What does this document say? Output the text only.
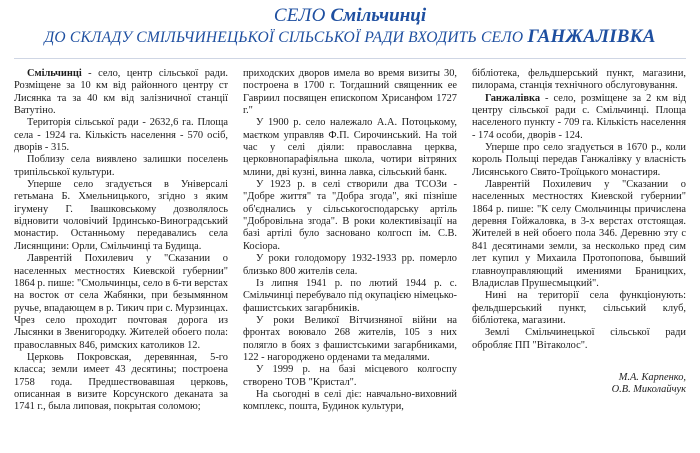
СЕЛО Смільчинці
ДО СКЛАДУ СМІЛЬЧИНЕЦЬКОЇ СІЛЬСЬКОЇ РАДИ ВХОДИТЬ СЕЛО ГАНЖАЛІВКА

Смільчинці - село, центр сільської ради. Розміщене за 10 км від районного центру ст Лисянка та за 40 км від залізничної станції Ватутіно.

Територія сільської ради - 2632,6 га. Площа села - 1924 га. Кількість населення - 570 осіб, дворів - 315.

Поблизу села виявлено залишки поселень трипільської культури.

Уперше село згадується в Універсалі гетьмана Б. Хмельницького, згідно з яким ігумену Г. Івашковському дозволялось відновити чоловічий Ірдинсько-Виноградський монастир. Останньому передавались села Лисянщини: Орли, Смільчинці та Будища.

Лаврентій Похилевич у "Сказании о населенных местностях Киевской губернии" 1864 р. пише: "Смольчинцы, село в 6-ти верстах на восток от села Жабянки, при безымянном ручье, впадающем в р. Тикич при с. Мурзинцах. Чрез село проходит почтовая дорога из Лысянки в Звенигородку. Жителей обоего пола: православных 846, римских католиков 12.

Церковь Покровская, деревянная, 5-го класса; земли имеет 43 десятины; построена 1758 года. Предшествовавшая церковь, описанная в визите Корсунского деканата за 1741 г., была липовая, покрытая соломою;

приходских дворов имела во время визиты 30, построена в 1700 г. Тогдашний священник ее Гавриил посвящен епископом Хрисанфом 1727 г."

У 1900 р. село належало А.А. Потоцькому, маєтком управляв Ф.П. Сирочинський. На той час у селі діяли: православна церква, церковнопарафіяльна школа, чотири вітряних млини, дві кузні, винна лавка, сільський банк.

У 1923 р. в селі створили два ТСОЗи - "Добре життя" та "Добра згода", які пізніше об'єднались у сільськогосподарську артіль "Добровільна згода". В роки колективізації на базі артілі було засновано колгосп ім. С.В. Косіора.

У роки голодомору 1932-1933 рр. померло близько 800 жителів села.

Із липня 1941 р. по лютий 1944 р. с. Смільчинці перебувало під окупацією німецько-фашистських загарбників.

У роки Великої Вітчизняної війни на фронтах воювало 268 жителів, 105 з них полягло в боях з фашистськими загарбниками, 122 - нагороджено орденами та медалями.

У 1999 р. на базі місцевого колгоспу створено ТОВ "Кристал".

На сьогодні в селі діє: навчально-виховний комплекс, пошта, Будинок культури,

бібліотека, фельдшерський пункт, магазини, пилорама, станція технічного обслуговування.

Ганжалівка - село, розміщене за 2 км від центру сільської ради с. Смільчинці. Площа населеного пункту - 709 га. Кількість населення - 174 особи, дворів - 124.

Уперше про село згадується в 1670 р., коли король Польщі передав Ганжалівку у власність Лисянського Свято-Троїцького монастиря.

Лаврентій Похилевич у "Сказании о населенных местностях Киевской губернии" 1864 р. пише: "К селу Смольчинцы причислена деревня Гойжаловка, в 3-х верстах отстоящая. Жителей в ней обоего пола 346. Деревню эту с 841 десятинами земли, за несколько пред сим лет купил у Михаила Протопопова, бывший главноуправляющий имениями Браницких, Владислав Прушесмыцкий".

Нині на території села функціонують: фельдшерський пункт, сільський клуб, бібліотека, магазини.

Землі Смільчинецької сільської ради обробляє ПП "Вітаколос".

М.А. Карпенко,
О.В. Миколайчук
